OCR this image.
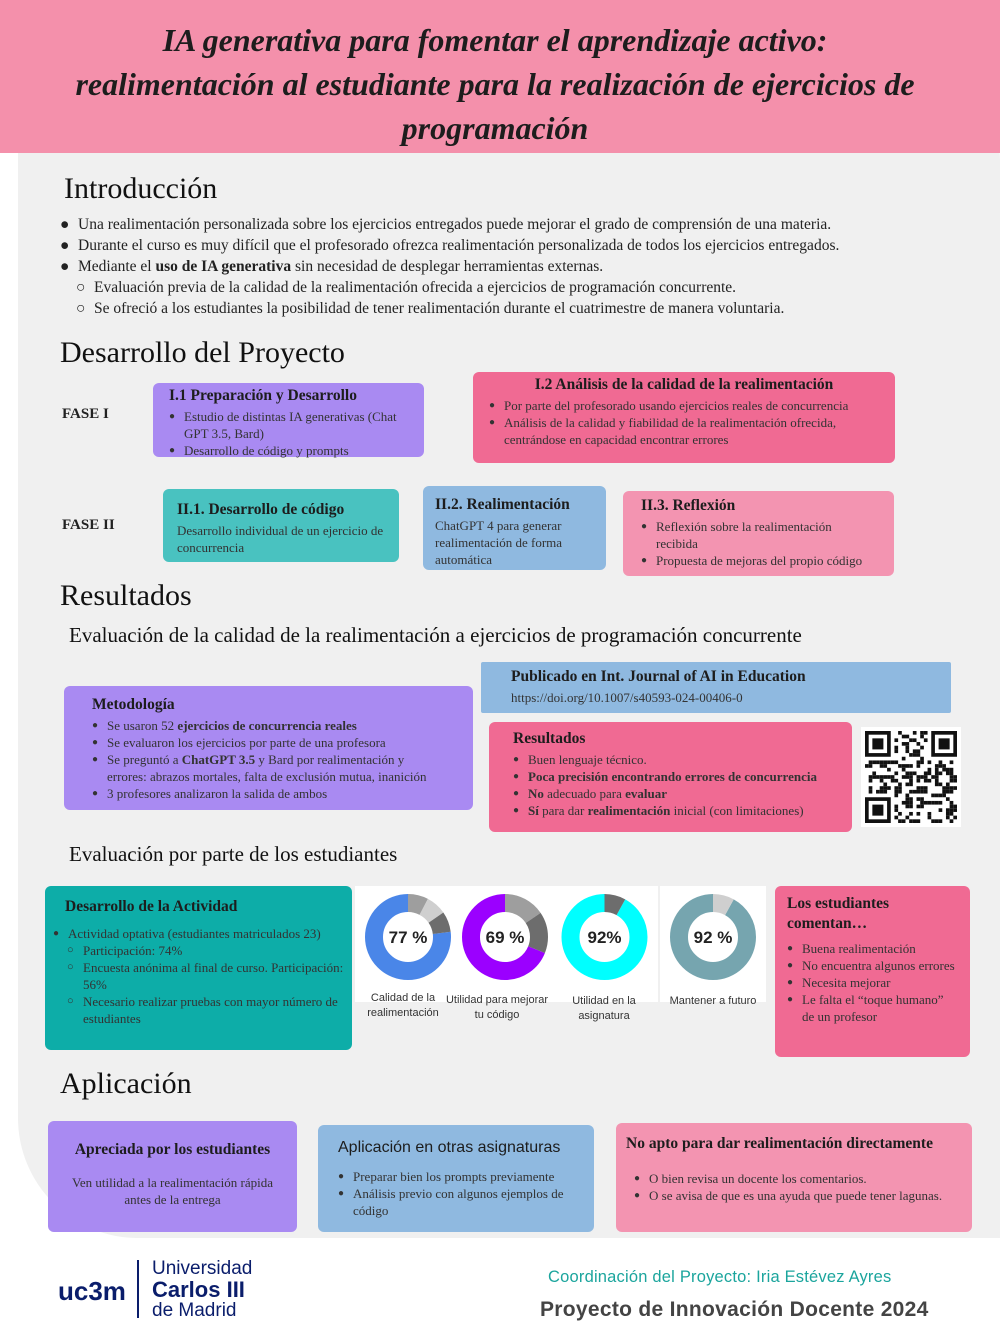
IA generativa para fomentar el aprendizaje activo: realimentación al estudiante para la realización de ejercicios de programación
Introducción
● Una realimentación personalizada sobre los ejercicios entregados puede mejorar el grado de comprensión de una materia.
● Durante el curso es muy difícil que el profesorado ofrezca realimentación personalizada de todos los ejercicios entregados.
● Mediante el uso de IA generativa sin necesidad de desplegar herramientas externas.
○ Evaluación previa de la calidad de la realimentación ofrecida a ejercicios de programación concurrente.
○ Se ofreció a los estudiantes la posibilidad de tener realimentación durante el cuatrimestre de manera voluntaria.
Desarrollo del Proyecto
FASE I
FASE II
I.1 Preparación y Desarrollo
● Estudio de distintas IA generativas (Chat GPT 3.5, Bard)
● Desarrollo de código y prompts
I.2 Análisis de la calidad de la realimentación
● Por parte del profesorado usando ejercicios reales de concurrencia
● Análisis de la calidad y fiabilidad de la realimentación ofrecida, centrándose en capacidad encontrar errores
II.1. Desarrollo de código
Desarrollo individual de un ejercicio de concurrencia
II.2. Realimentación
ChatGPT 4 para generar realimentación de forma automática
II.3. Reflexión
● Reflexión sobre la realimentación recibida
● Propuesta de mejoras del propio código
Resultados
Evaluación de la calidad de la realimentación a ejercicios de programación concurrente
Metodología
● Se usaron 52 ejercicios de concurrencia reales
● Se evaluaron los ejercicios por parte de una profesora
● Se preguntó a ChatGPT 3.5 y Bard por realimentación y errores: abrazos mortales, falta de exclusión mutua, inanición
● 3 profesores analizaron la salida de ambos
Publicado en Int. Journal of AI in Education
https://doi.org/10.1007/s40593-024-00406-0
Resultados
● Buen lenguaje técnico.
● Poca precisión encontrando errores de concurrencia
● No adecuado para evaluar
● Sí para dar realimentación inicial (con limitaciones)
Evaluación por parte de los estudiantes
Desarrollo de la Actividad
● Actividad optativa (estudiantes matriculados 23)
○ Participación: 74%
○ Encuesta anónima al final de curso. Participación: 56%
○ Necesario realizar pruebas con mayor número de estudiantes
77 %	69 %	92%	92 %
Calidad de la realimentación
Utilidad para mejorar tu código
Utilidad en la asignatura
Mantener a futuro
Los estudiantes comentan…
● Buena realimentación
● No encuentra algunos errores
● Necesita mejorar
● Le falta el “toque humano” de un profesor
Aplicación
Apreciada por los estudiantes
Ven utilidad a la realimentación rápida antes de la entrega
Aplicación en otras asignaturas
● Preparar bien los prompts previamente
● Análisis previo con algunos ejemplos de código
No apto para dar realimentación directamente
● O bien revisa un docente los comentarios.
● O se avisa de que es una ayuda que puede tener lagunas.
uc3m
Universidad
Carlos III
de Madrid
Coordinación del Proyecto: Iria Estévez Ayres
Proyecto de Innovación Docente 2024
